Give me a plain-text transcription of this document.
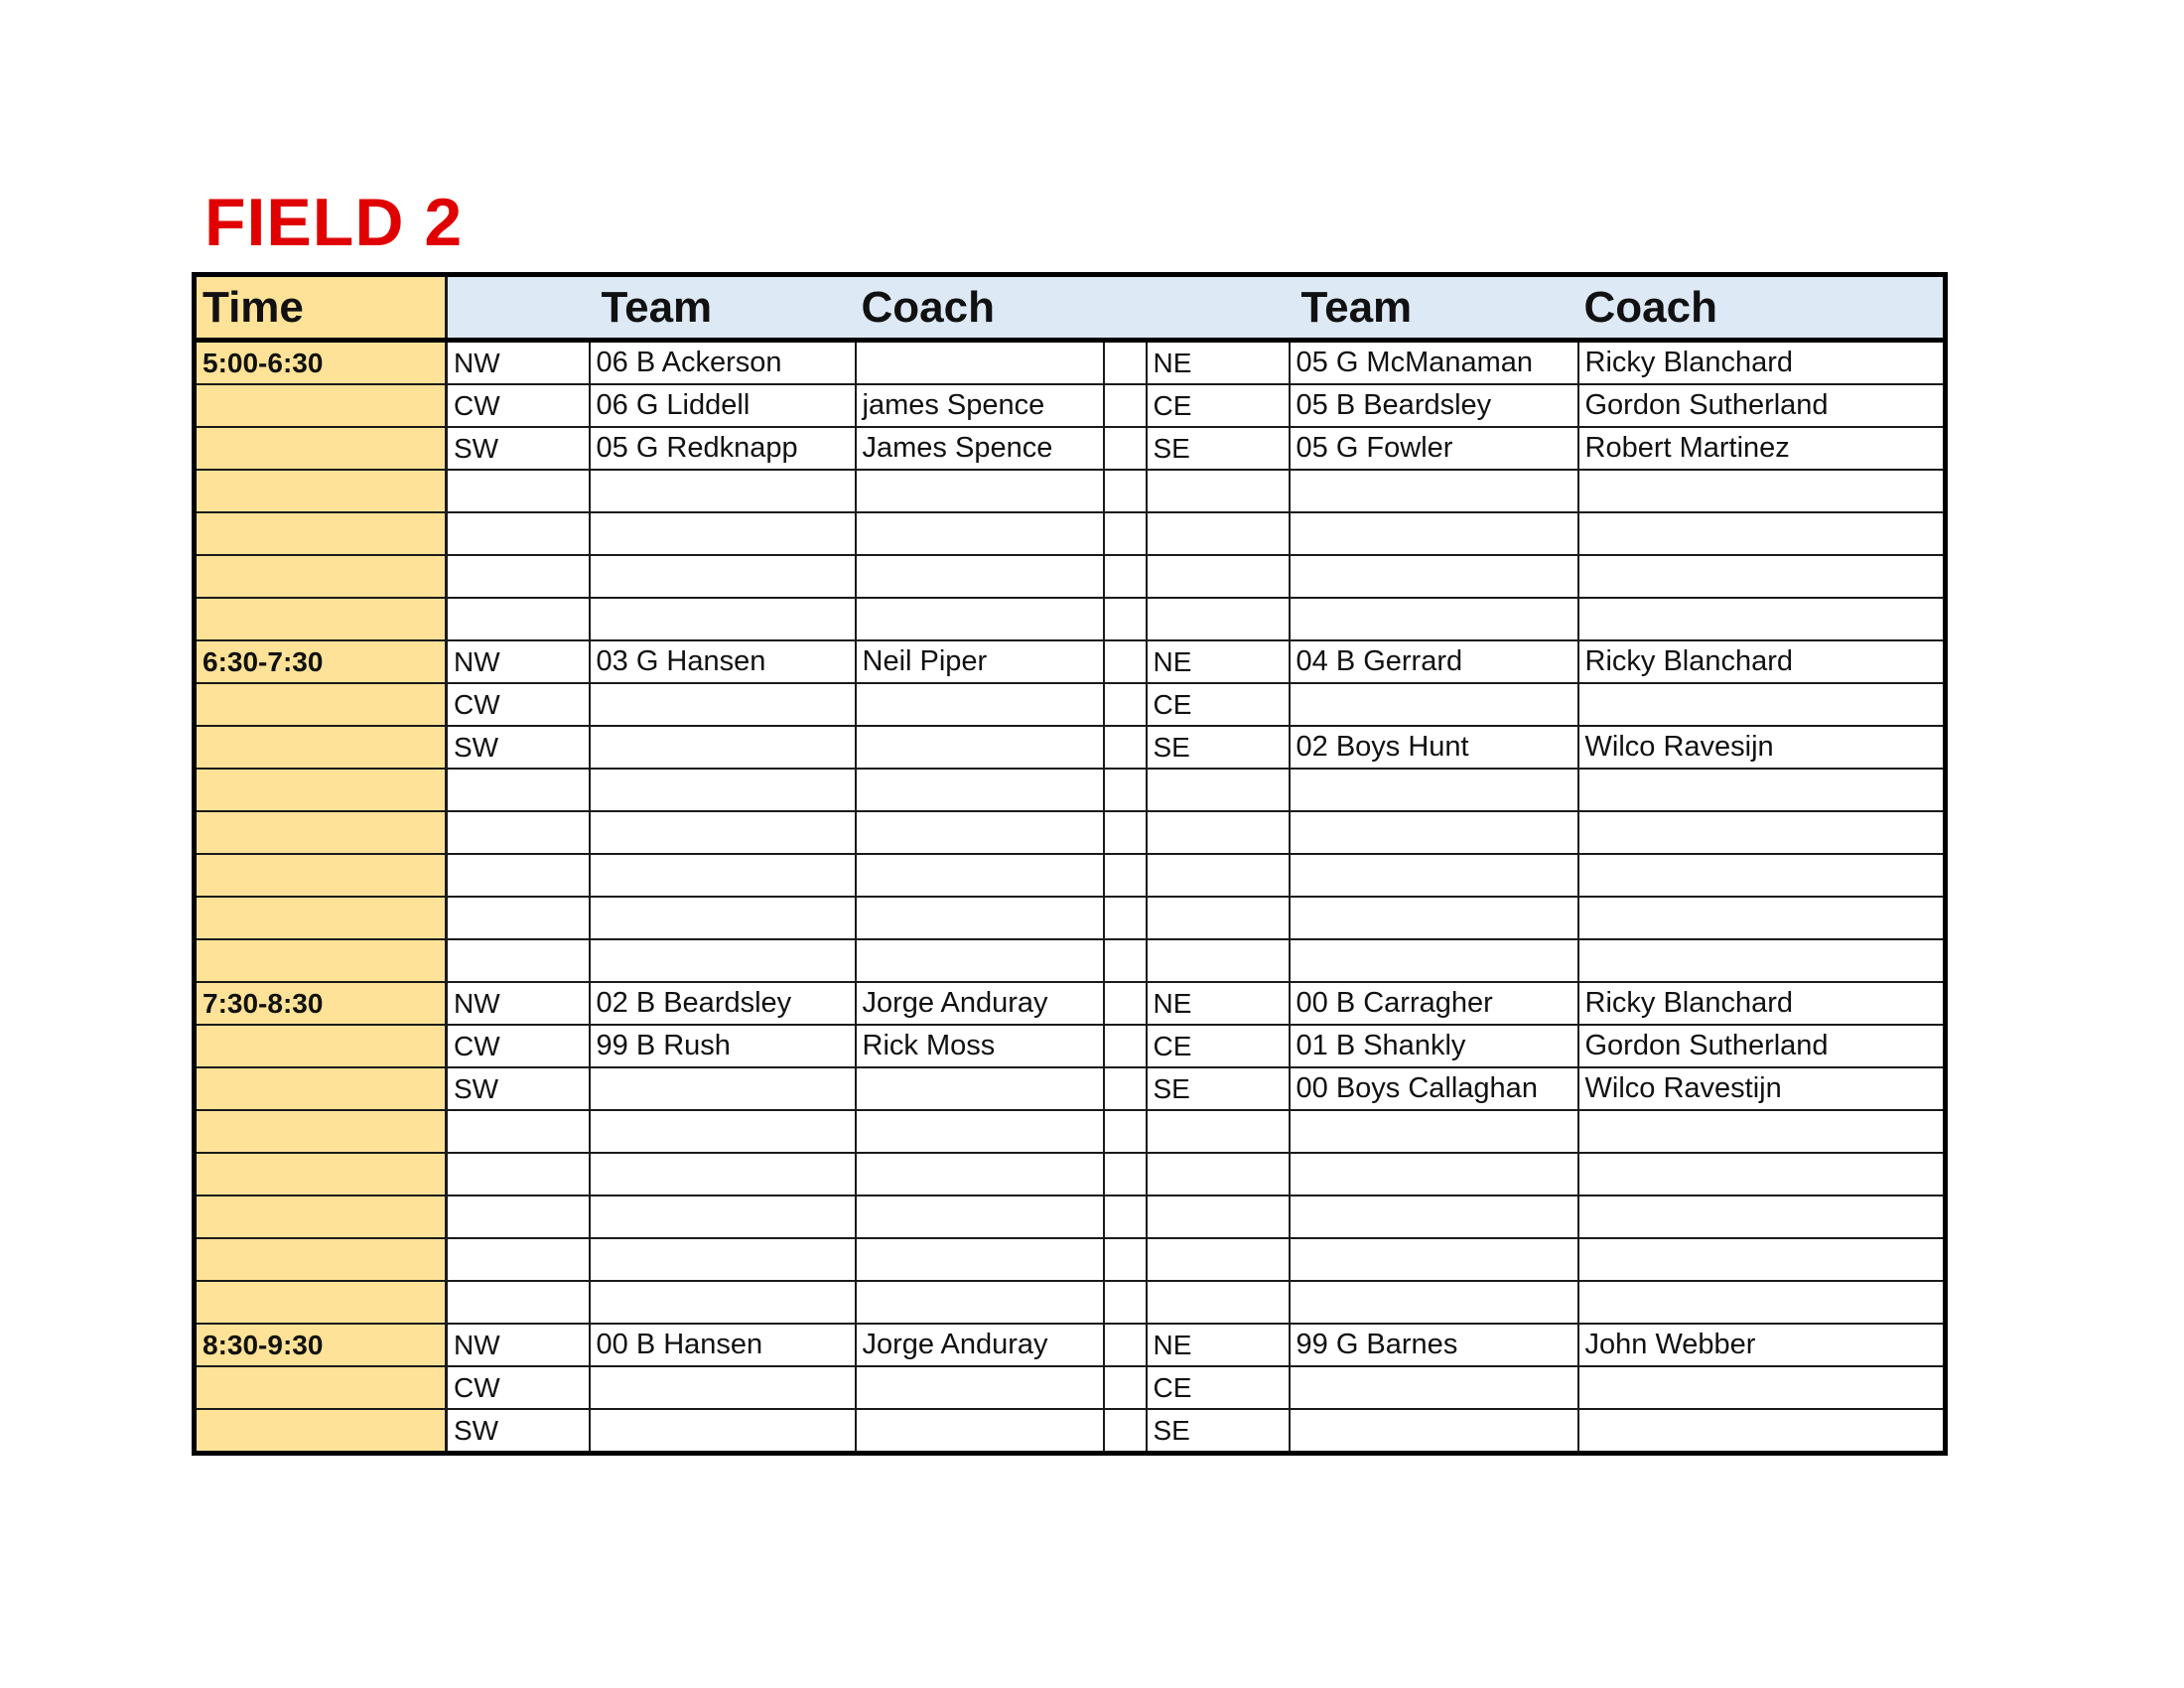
FIELD 2
Time		Team	Coach			Team	Coach
5:00-6:30	NW	06 B Ackerson			NE	05 G McManaman	Ricky Blanchard
	CW	06 G Liddell	james Spence		CE	05 B Beardsley	Gordon Sutherland
	SW	05 G Redknapp	James Spence		SE	05 G Fowler	Robert Martinez

6:30-7:30	NW	03 G Hansen	Neil Piper		NE	04 B Gerrard	Ricky Blanchard
	CW				CE		
	SW				SE	02 Boys Hunt	Wilco Ravesijn

7:30-8:30	NW	02 B Beardsley	Jorge Anduray		NE	00 B Carragher	Ricky Blanchard
	CW	99 B Rush	Rick Moss		CE	01 B Shankly	Gordon Sutherland
	SW				SE	00 Boys Callaghan	Wilco Ravestijn

8:30-9:30	NW	00 B Hansen	Jorge Anduray		NE	99 G Barnes	John Webber
	CW				CE		
	SW				SE		
